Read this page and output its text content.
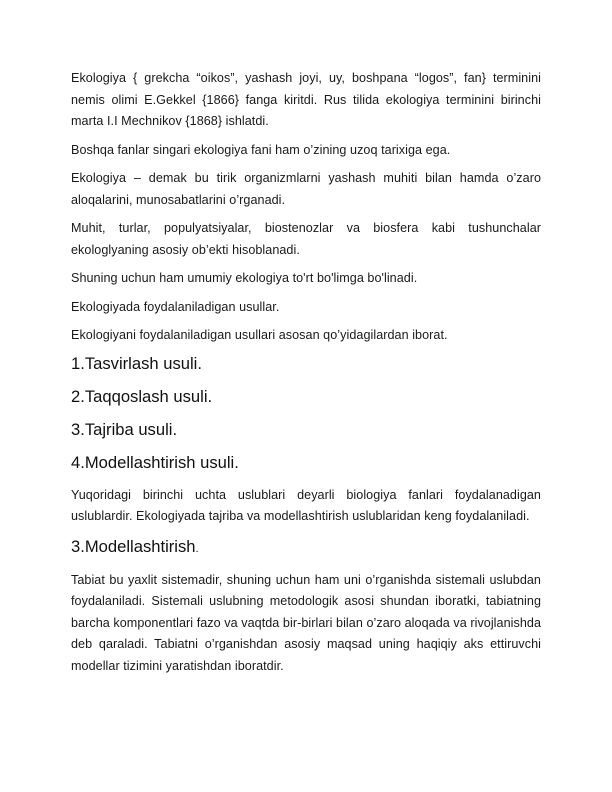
Ekologiya { grekcha “oikos”, yashash joyi, uy, boshpana “logos”, fan} terminini nemis olimi E.Gekkel {1866} fanga kiritdi. Rus tilida ekologiya terminini birinchi marta I.I Mechnikov {1868} ishlatdi.

Boshqa fanlar singari ekologiya fani ham o’zining uzoq tarixiga ega.

Ekologiya – demak bu tirik organizmlarni yashash muhiti bilan hamda o’zaro aloqalarini, munosabatlarini o’rganadi.

Muhit, turlar, populyatsiyalar, biostenozlar va biosfera kabi tushunchalar ekologlyaning asosiy ob’ekti hisoblanadi.

Shuning uchun ham umumiy ekologiya to'rt bo'limga bo'linadi.

Ekologiyada foydalaniladigan usullar.

Ekologiyani foydalaniladigan usullari asosan qo’yidagilardan iborat.

1.Tasvirlash usuli.
2.Taqqoslash usuli.
3.Tajriba usuli.
4.Modellashtirish usuli.

Yuqoridagi birinchi uchta uslublari deyarli biologiya fanlari foydalanadigan uslublardir. Ekologiyada tajriba va modellashtirish uslublaridan keng foydalaniladi.

3.Modellashtirish.

Tabiat bu yaxlit sistemadir, shuning uchun ham uni o’rganishda sistemali uslubdan foydalaniladi. Sistemali uslubning metodologik asosi shundan iboratki, tabiatning barcha komponentlari fazo va vaqtda bir-birlari bilan o’zaro aloqada va rivojlanishda deb qaraladi. Tabiatni o’rganishdan asosiy maqsad uning haqiqiy aks ettiruvchi modellar tizimini yaratishdan iboratdir.
